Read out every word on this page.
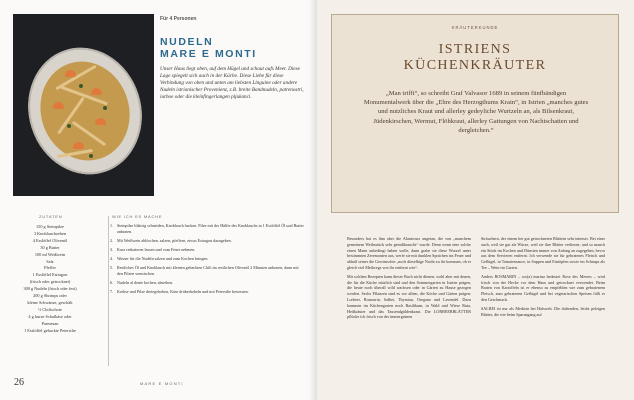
Für 4 Personen
NUDELN
MARE E MONTI
Unser Haus liegt oben, auf dem Hügel und schaut aufs Meer. Diese Lage spiegelt sich auch in der Küche. Diese Liebe für diese Verbindung von oben und unten am liebsten Linguine oder andere Nudeln istrianischer Provenienz, z.B. breite Bandnudeln, patrenostri, iurhoe oder die kleinfingerlangen pljukanci.
ZUTATEN
150 g Steinpilze
3 Knoblauchzehen
4 Esslöffel Olivenöl
30 g Butter
100 ml Weißwein
Salz
Pfeffer
1 Esslöffel Estragon
(frisch oder getrocknet)
300 g Nudeln (frisch oder fest)
200 g Shrimps oder
kleine Schwänze, geschält
½ Chilischote
4 g kurze Schafkäse oder
Parmesan
1 Esslöffel gehackte Petersilie
WIE ICH ES MACHE
1. Steinpilze blättrig schneiden, Knoblauch hacken. Pilze mit der Hälfte des Knoblauchs in 1 Esslöffel Öl und Butter anbraten.
2. Mit Weißwein ablöschen, salzen, pfeffern, etwas Estragon dazugeben.
3. Kurz reduzieren lassen und vom Feuer nehmen.
4. Wasser für die Nudeln salzen und zum Kochen bringen.
5. Restliches Öl und Knoblauch mit kleinen gehackten Chili im restlichen Olivenöl 2 Minuten anbraten, dann mit den Pilzen vermischen.
6. Nudeln al dente kochen, abseihen.
7. Krebse und Pilze dreiegehoben, Käse drüberhobeln und mit Petersilie bestreuen.
26	MARE E MONTI
KRÄUTERKUNDE
ISTRIENS
KÜCHENKRÄUTER
„Man trifft“, so schreibt Graf Valvasor 1689 in seinem fünfbändigen Monumentalwerk über die „Ehre des Herzogthums Krain“, in Istrien „manches gutes und nutzliches Kraut und allerley gedeyliche Wurtzeln an, als Bilsenkraut, Jüdenkirschen, Wermut, Flöhkraut, allerley Gattungen von Nachtschatten und dergleichen.“

Besonders hat es ihm aber die Alantwurz angetan, die von „manchem gemeinem Weibsstück sehr gemißbraucht“ wurde. Denn wenn eine solche einen Mann unbedingt haben wolle, dann grabe sie diese Wurzel unter bestimmten Zeremonien aus, werfe sie mit dunklen Sprüchen ins Feuer und abhalf seiner die Gewünschte „noch dieselbige Nacht zu ihr kommen, ob er gleich viel Meilwegs von ihr entfernt wär“.

Mit solchen Rezepten kann dieser Buch nicht dienen, wohl aber mit denen, die für die Küche nützlich sind und den Sommergarten in Istrien prägen, die heute noch überall wild wachsen oder in Gärten zu Hause gezogen werden. Sechs Pflanzen sind es vor allem, die Köche und Gärten prägen: Lorbeer, Rosmarin, Salbei, Thymian, Oregano und Lavendel. Dazu kommen im Küchengarten noch Basilikum, in Wald und Wiese Ruta, Heilkräuter und das Tausendgüldenkraut. Die LORBEERBLÄTTER pflücke ich frisch von der immergrünen

Sträuchern, der einem bei gut getrockneten Blättern sehr intensiv. Bei einer auch, weil sie gut als Würze, weil sie ihre Blätter verlieren; und so manch ein Stück im Kochen und Dünsten immer von Anfang an zugegeben, bevor aus dem Servieren entfernt. Ich verwende sie für gebratenes Fleisch und Geflügel, in Tomatensauce, in Suppen und Eintöpfen sowie im Schnaps als Tee – Wein im Garten.

Anders ROSMARIN – ros(a) marina bedeutet Rose des Meeres – wird frisch von der Hecke vor dem Haus und getrocknet verwendet. Beim Braten von Kartoffeln ist er ebenso zu empfehlen wie zum gebratenem Fleisch, zum gebratenen Geflügel und bei vegetarischen Speisen füllt er den Geschmack.

SALBEI ist nur als Medizin bei Halsweh. Die duftenden, leicht pelzigen Blätter, die wie beim Sparangang auf
